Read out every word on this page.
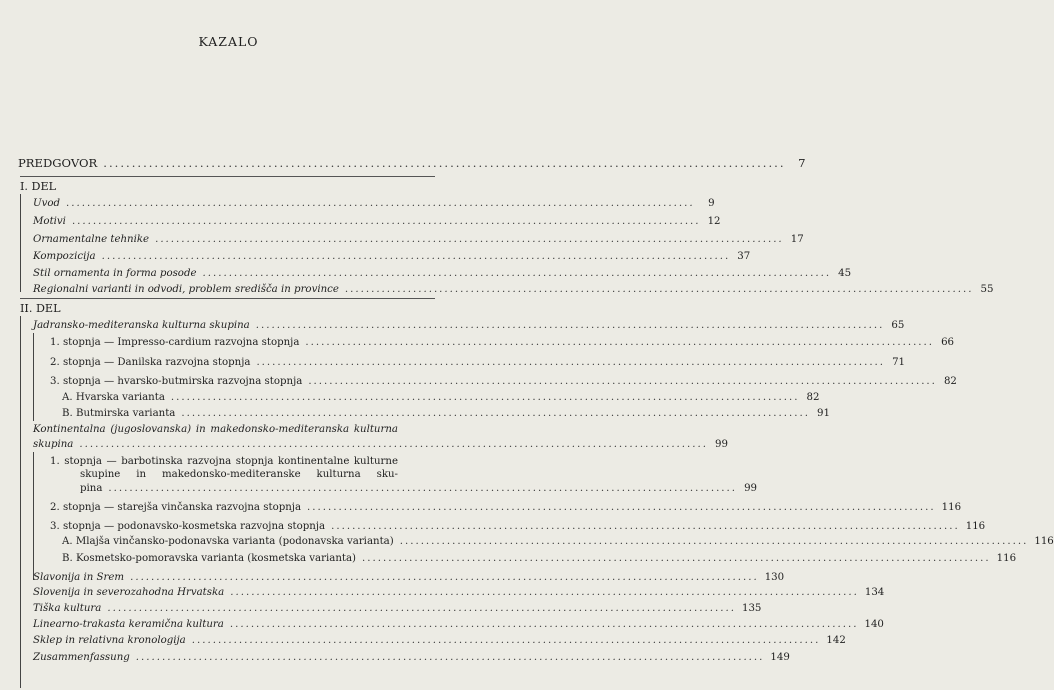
KAZALO
PREDGOVOR ........................................................................................................................	7
I. DEL
Uvod ........................................................................................................................	9
Motivi ........................................................................................................................ 12
Ornamentalne tehnike ........................................................................................................................ 17
Kompozicija ........................................................................................................................ 37
Stil ornamenta in forma posode ........................................................................................................................ 45
Regionalni varianti in odvodi, problem središča in province ........................................................................................................................ 55
II. DEL
Jadransko-mediteranska kulturna skupina ........................................................................................................................ 65
1. stopnja — Impresso-cardium razvojna stopnja ........................................................................................................................ 66
2. stopnja — Danilska razvojna stopnja ........................................................................................................................ 71
3. stopnja — hvarsko-butmirska razvojna stopnja ........................................................................................................................ 82
A. Hvarska varianta ........................................................................................................................ 82
B. Butmirska varianta ........................................................................................................................ 91
Kontinentalna (jugoslovanska) in makedonsko-mediteranska kulturna
skupina ........................................................................................................................ 99
1. stopnja — barbotinska razvojna stopnja kontinentalne kulturne
skupine in makedonsko-mediteranske kulturna sku-
pina ........................................................................................................................ 99
2. stopnja — starejša vinčanska razvojna stopnja ........................................................................................................................ 116
3. stopnja — podonavsko-kosmetska razvojna stopnja ........................................................................................................................ 116
A. Mlajša vinčansko-podonavska varianta (podonavska varianta) ........................................................................................................................ 116
B. Kosmetsko-pomoravska varianta (kosmetska varianta) ........................................................................................................................ 116
Slavonija in Srem ........................................................................................................................ 130
Slovenija in severozahodna Hrvatska ........................................................................................................................ 134
Tiška kultura ........................................................................................................................ 135
Linearno-trakasta keramična kultura ........................................................................................................................ 140
Sklep in relativna kronologija ........................................................................................................................ 142
Zusammenfassung ........................................................................................................................ 149
